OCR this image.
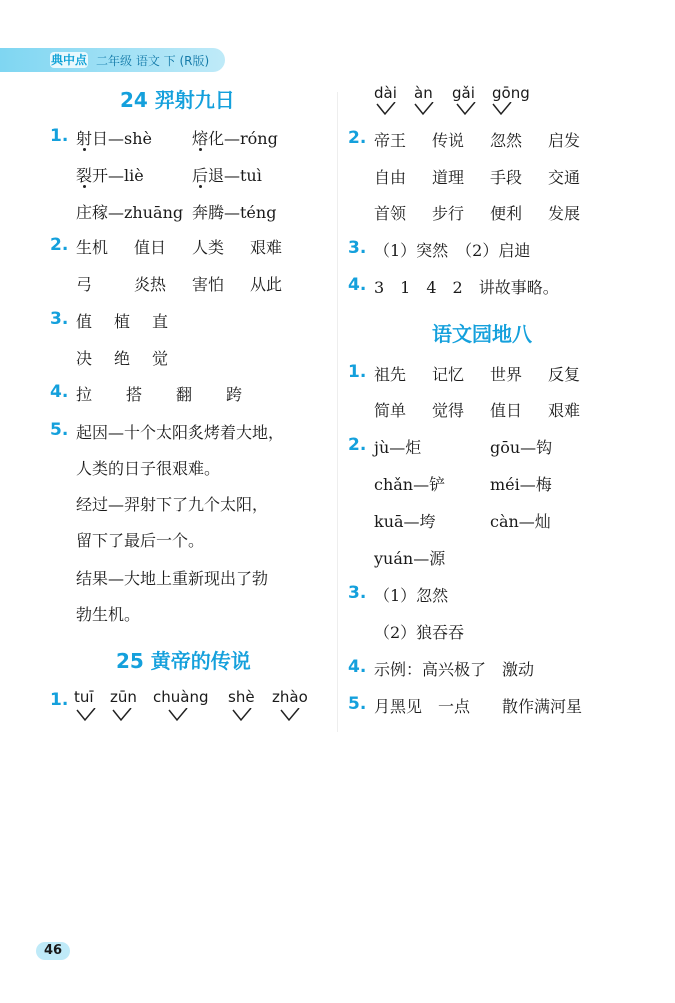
典中点 二年级 语文 下 (R版)
24 羿射九日
1. 射日—shè	熔化—róng
裂开—liè	后退—tuì
庄稼—zhuāng 奔腾—téng
2. 生机 值日 人类 艰难
弓	炎热 害怕 从此
3. 值 植 直
决 绝 觉
4. 拉 搭 翻 跨
5. 起因—十个太阳炙烤着大地，
人类的日子很艰难。
经过—羿射下了九个太阳，
留下了最后一个。
结果—大地上重新现出了勃
勃生机。
25 黄帝的传说
1. tuī zūn chuàng shè zhào
dài àn gǎi gōng
2. 帝王 传说 忽然 启发
自由 道理 手段 交通
首领 步行 便利 发展
3. （1）突然　（2）启迪
4. 3　1　4　2　讲故事略。
语文园地八
1. 祖先 记忆 世界 反复
简单 觉得 值日 艰难
2. jù—炬	gōu—钩
chǎn—铲	méi—梅
kuā—垮	càn—灿
yuán—源
3. （1）忽然
（2）狼吞吞
4. 示例：高兴极了　激动
5. 月黑见　一点　　散作满河星
46
